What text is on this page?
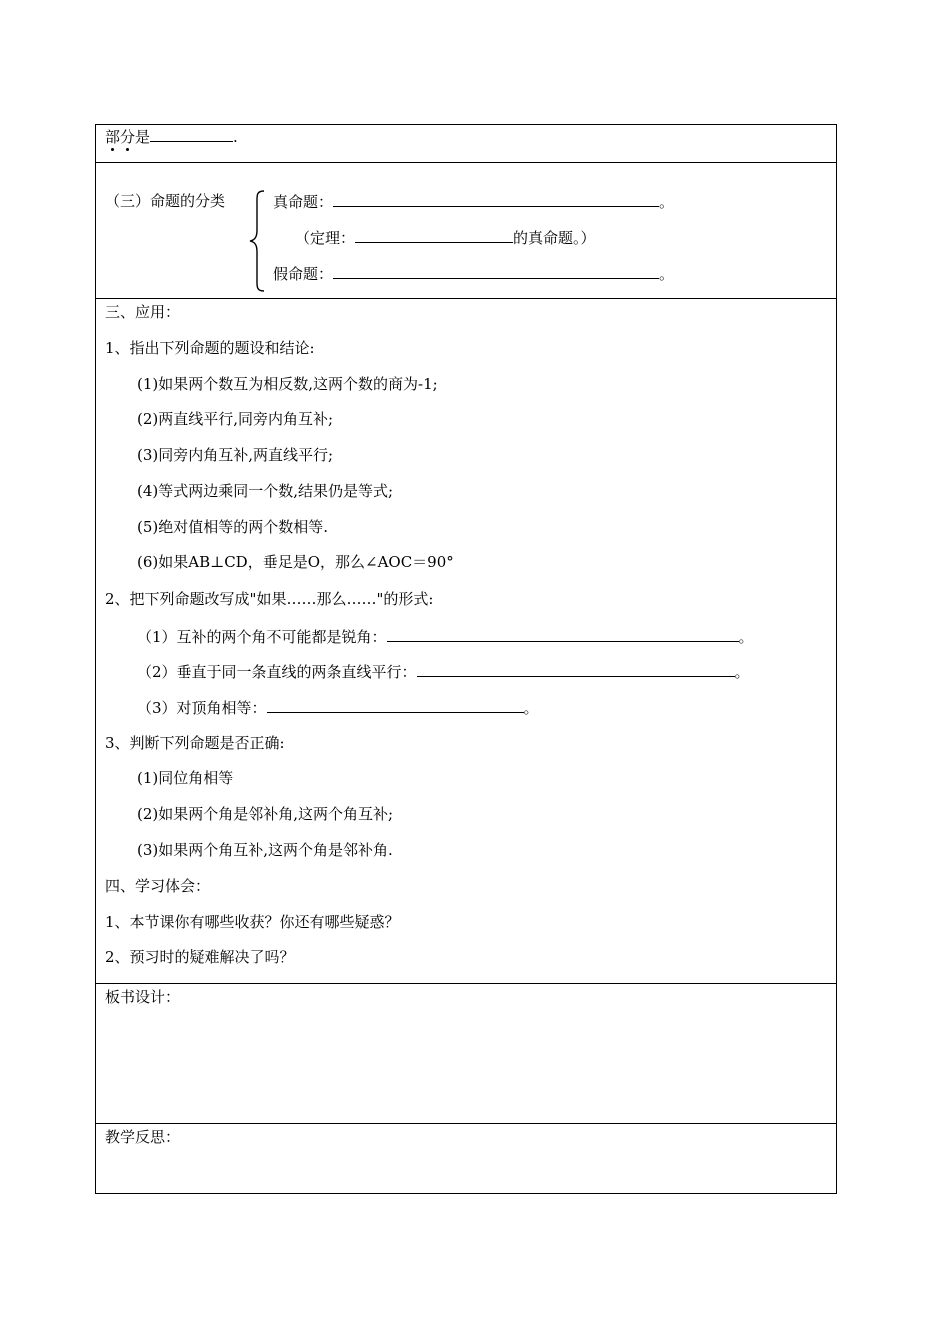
部分是	.
（三）命题的分类	真命题：	。
（定理：	的真命题。）
假命题：	。
三、应用：
1、指出下列命题的题设和结论:
(1)如果两个数互为相反数,这两个数的商为-1;
(2)两直线平行,同旁内角互补;
(3)同旁内角互补,两直线平行;
(4)等式两边乘同一个数,结果仍是等式;
(5)绝对值相等的两个数相等.
(6)如果AB⊥CD，垂足是O，那么∠AOC＝90°
2、把下列命题改写成"如果……那么……"的形式:
（1）互补的两个角不可能都是锐角：	。
（2）垂直于同一条直线的两条直线平行：	。
（3）对顶角相等：	。
3、判断下列命题是否正确:
(1)同位角相等
(2)如果两个角是邻补角,这两个角互补;
(3)如果两个角互补,这两个角是邻补角.
四、学习体会：
1、本节课你有哪些收获？你还有哪些疑惑？
2、预习时的疑难解决了吗？
板书设计：
教学反思：
